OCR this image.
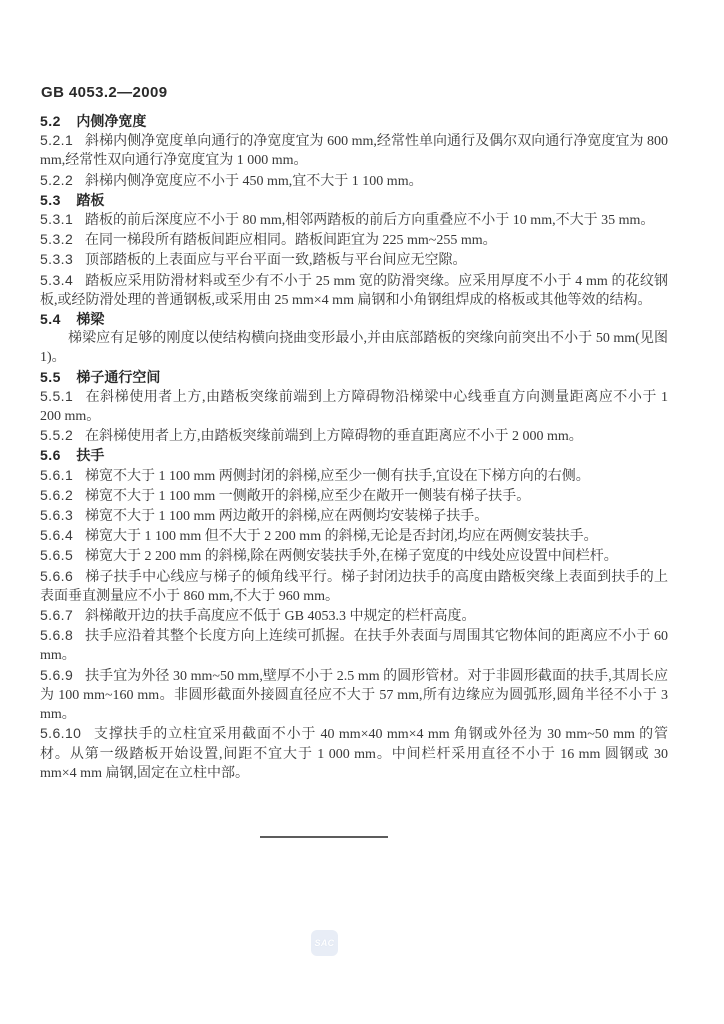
GB 4053.2—2009

5.2 内侧净宽度

5.2.1 斜梯内侧净宽度单向通行的净宽度宜为 600 mm,经常性单向通行及偶尔双向通行净宽度宜为 800 mm,经常性双向通行净宽度宜为 1 000 mm。

5.2.2 斜梯内侧净宽度应不小于 450 mm,宜不大于 1 100 mm。

5.3 踏板

5.3.1 踏板的前后深度应不小于 80 mm,相邻两踏板的前后方向重叠应不小于 10 mm,不大于 35 mm。

5.3.2 在同一梯段所有踏板间距应相同。踏板间距宜为 225 mm~255 mm。

5.3.3 顶部踏板的上表面应与平台平面一致,踏板与平台间应无空隙。

5.3.4 踏板应采用防滑材料或至少有不小于 25 mm 宽的防滑突缘。应采用厚度不小于 4 mm 的花纹钢板,或经防滑处理的普通钢板,或采用由 25 mm×4 mm 扁钢和小角钢组焊成的格板或其他等效的结构。

5.4 梯梁

梯梁应有足够的刚度以使结构横向挠曲变形最小,并由底部踏板的突缘向前突出不小于 50 mm(见图 1)。

5.5 梯子通行空间

5.5.1 在斜梯使用者上方,由踏板突缘前端到上方障碍物沿梯梁中心线垂直方向测量距离应不小于 1 200 mm。

5.5.2 在斜梯使用者上方,由踏板突缘前端到上方障碍物的垂直距离应不小于 2 000 mm。

5.6 扶手

5.6.1 梯宽不大于 1 100 mm 两侧封闭的斜梯,应至少一侧有扶手,宜设在下梯方向的右侧。

5.6.2 梯宽不大于 1 100 mm 一侧敞开的斜梯,应至少在敞开一侧装有梯子扶手。

5.6.3 梯宽不大于 1 100 mm 两边敞开的斜梯,应在两侧均安装梯子扶手。

5.6.4 梯宽大于 1 100 mm 但不大于 2 200 mm 的斜梯,无论是否封闭,均应在两侧安装扶手。

5.6.5 梯宽大于 2 200 mm 的斜梯,除在两侧安装扶手外,在梯子宽度的中线处应设置中间栏杆。

5.6.6 梯子扶手中心线应与梯子的倾角线平行。梯子封闭边扶手的高度由踏板突缘上表面到扶手的上表面垂直测量应不小于 860 mm,不大于 960 mm。

5.6.7 斜梯敞开边的扶手高度应不低于 GB 4053.3 中规定的栏杆高度。

5.6.8 扶手应沿着其整个长度方向上连续可抓握。在扶手外表面与周围其它物体间的距离应不小于 60 mm。

5.6.9 扶手宜为外径 30 mm~50 mm,壁厚不小于 2.5 mm 的圆形管材。对于非圆形截面的扶手,其周长应为 100 mm~160 mm。非圆形截面外接圆直径应不大于 57 mm,所有边缘应为圆弧形,圆角半径不小于 3 mm。

5.6.10 支撑扶手的立柱宜采用截面不小于 40 mm×40 mm×4 mm 角钢或外径为 30 mm~50 mm 的管材。从第一级踏板开始设置,间距不宜大于 1 000 mm。中间栏杆采用直径不小于 16 mm 圆钢或 30 mm×4 mm 扁钢,固定在立柱中部。

SAC
